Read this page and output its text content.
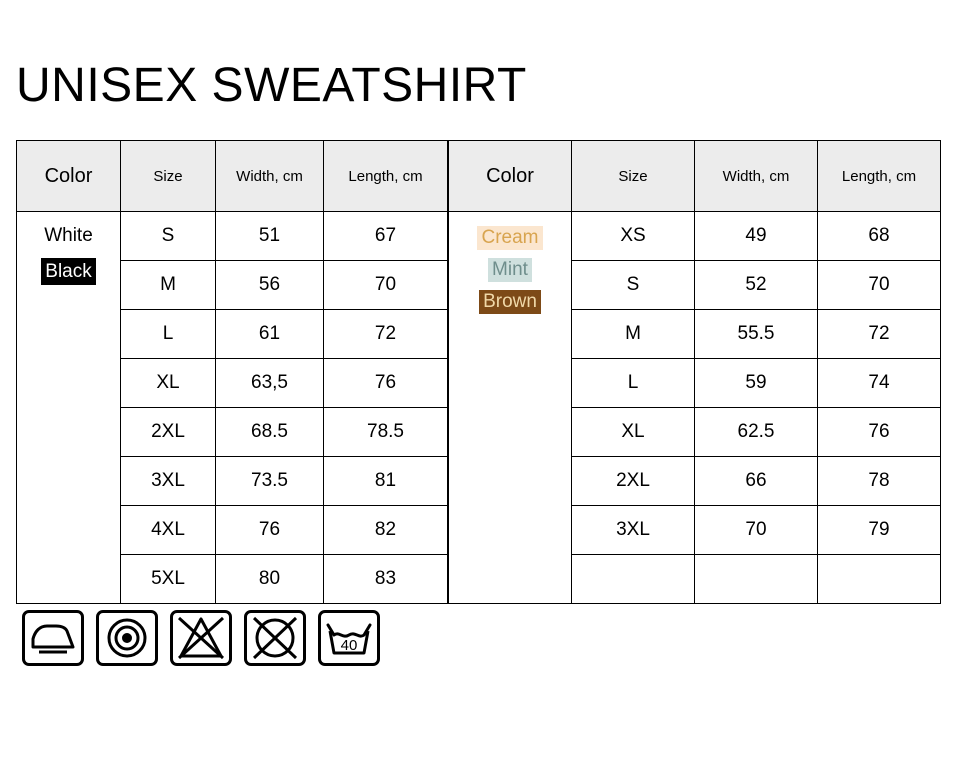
UNISEX SWEATSHIRT
Color	Size	Width, cm	Length, cm

White
Black	S	51	67
	M	56	70
	L	61	72
	XL	63,5	76
	2XL	68.5	78.5
	3XL	73.5	81
	4XL	76	82
	5XL	80	83
Color	Size	Width, cm	Length, cm

Cream
Mint
Brown	XS	49	68
	S	52	70
	M	55.5	72
	L	59	74
	XL	62.5	76
	2XL	66	78
	3XL	70	79

40
